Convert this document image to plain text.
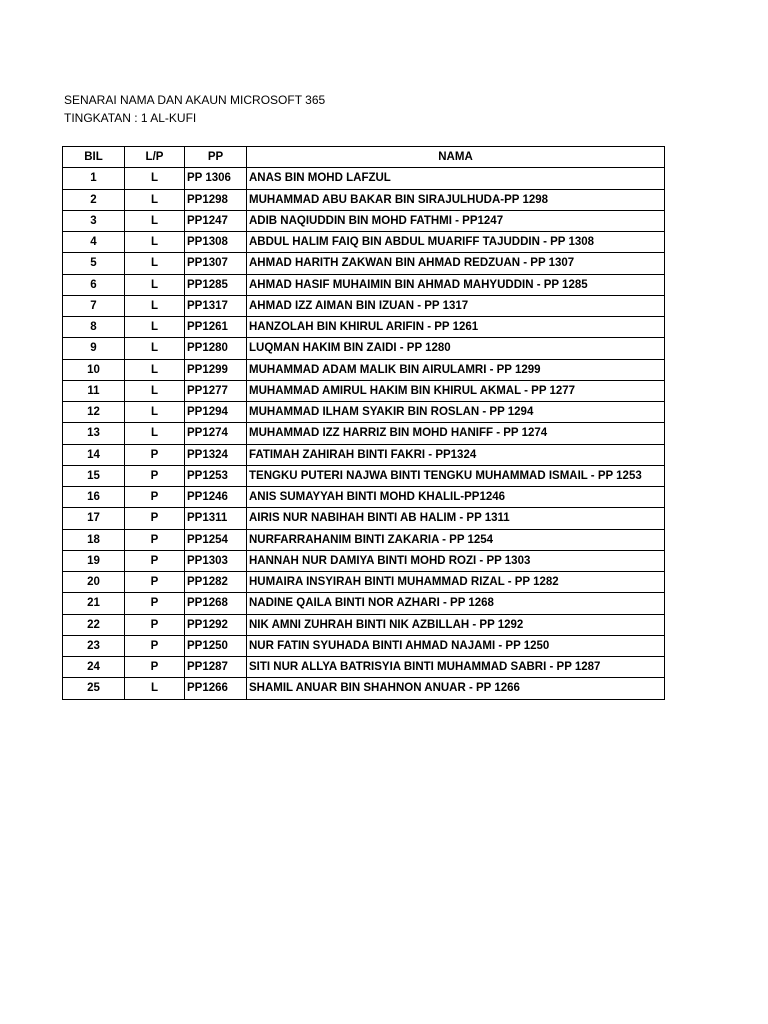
SENARAI NAMA DAN AKAUN MICROSOFT 365
TINGKATAN : 1 AL-KUFI
BIL	L/P	PP	NAMA
1	L	PP 1306	ANAS BIN MOHD LAFZUL
2	L	PP1298	MUHAMMAD ABU BAKAR BIN SIRAJULHUDA-PP 1298
3	L	PP1247	ADIB NAQIUDDIN BIN MOHD FATHMI - PP1247
4	L	PP1308	ABDUL HALIM FAIQ BIN ABDUL MUARIFF TAJUDDIN - PP 1308
5	L	PP1307	AHMAD HARITH ZAKWAN BIN AHMAD REDZUAN - PP 1307
6	L	PP1285	AHMAD HASIF MUHAIMIN BIN AHMAD MAHYUDDIN - PP 1285
7	L	PP1317	AHMAD IZZ AIMAN BIN IZUAN - PP 1317
8	L	PP1261	HANZOLAH BIN KHIRUL ARIFIN - PP 1261
9	L	PP1280	LUQMAN HAKIM BIN ZAIDI - PP 1280
10	L	PP1299	MUHAMMAD ADAM MALIK BIN AIRULAMRI - PP 1299
11	L	PP1277	MUHAMMAD AMIRUL HAKIM BIN KHIRUL AKMAL - PP 1277
12	L	PP1294	MUHAMMAD ILHAM SYAKIR BIN ROSLAN - PP 1294
13	L	PP1274	MUHAMMAD IZZ HARRIZ BIN MOHD HANIFF - PP 1274
14	P	PP1324	FATIMAH ZAHIRAH BINTI FAKRI - PP1324
15	P	PP1253	TENGKU PUTERI NAJWA BINTI TENGKU MUHAMMAD ISMAIL - PP 1253
16	P	PP1246	ANIS SUMAYYAH BINTI MOHD KHALIL-PP1246
17	P	PP1311	AIRIS NUR NABIHAH BINTI AB HALIM - PP 1311
18	P	PP1254	NURFARRAHANIM BINTI ZAKARIA - PP 1254
19	P	PP1303	HANNAH NUR DAMIYA BINTI MOHD ROZI - PP 1303
20	P	PP1282	HUMAIRA INSYIRAH BINTI MUHAMMAD RIZAL - PP 1282
21	P	PP1268	NADINE QAILA BINTI NOR AZHARI - PP 1268
22	P	PP1292	NIK AMNI ZUHRAH BINTI NIK AZBILLAH - PP 1292
23	P	PP1250	NUR FATIN SYUHADA BINTI AHMAD NAJAMI - PP 1250
24	P	PP1287	SITI NUR ALLYA BATRISYIA BINTI MUHAMMAD SABRI - PP 1287
25	L	PP1266	SHAMIL ANUAR BIN SHAHNON ANUAR - PP 1266
